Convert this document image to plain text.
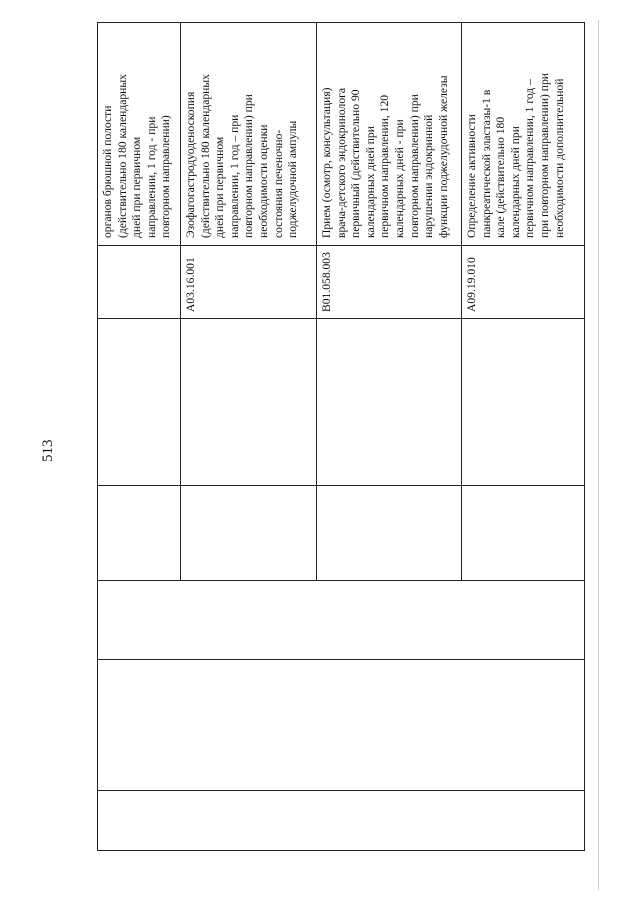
513
органов брюшной полости
(действительно 180 календарных
дней при первичном
направлении, 1 год - при
повторном направлении)
A03.16.001
Эзофагогастродуоденоскопия
(действительно 180 календарных
дней при первичном
направлении, 1 год – при
повторном направлении) при
необходимости оценки
состояния печеночно-
поджелудочной ампулы
B01.058.003
Прием (осмотр, консультация)
врача-детского эндокринолога
первичный (действительно 90
календарных дней при
первичном направлении, 120
календарных дней - при
повторном направлении) при
нарушении эндокринной
функции поджелудочной железы
A09.19.010
Определение активности
панкреатической эластазы-1 в
кале (действительно 180
календарных дней при
первичном направлении, 1 год –
при повторном направлении) при
необходимости дополнительной
